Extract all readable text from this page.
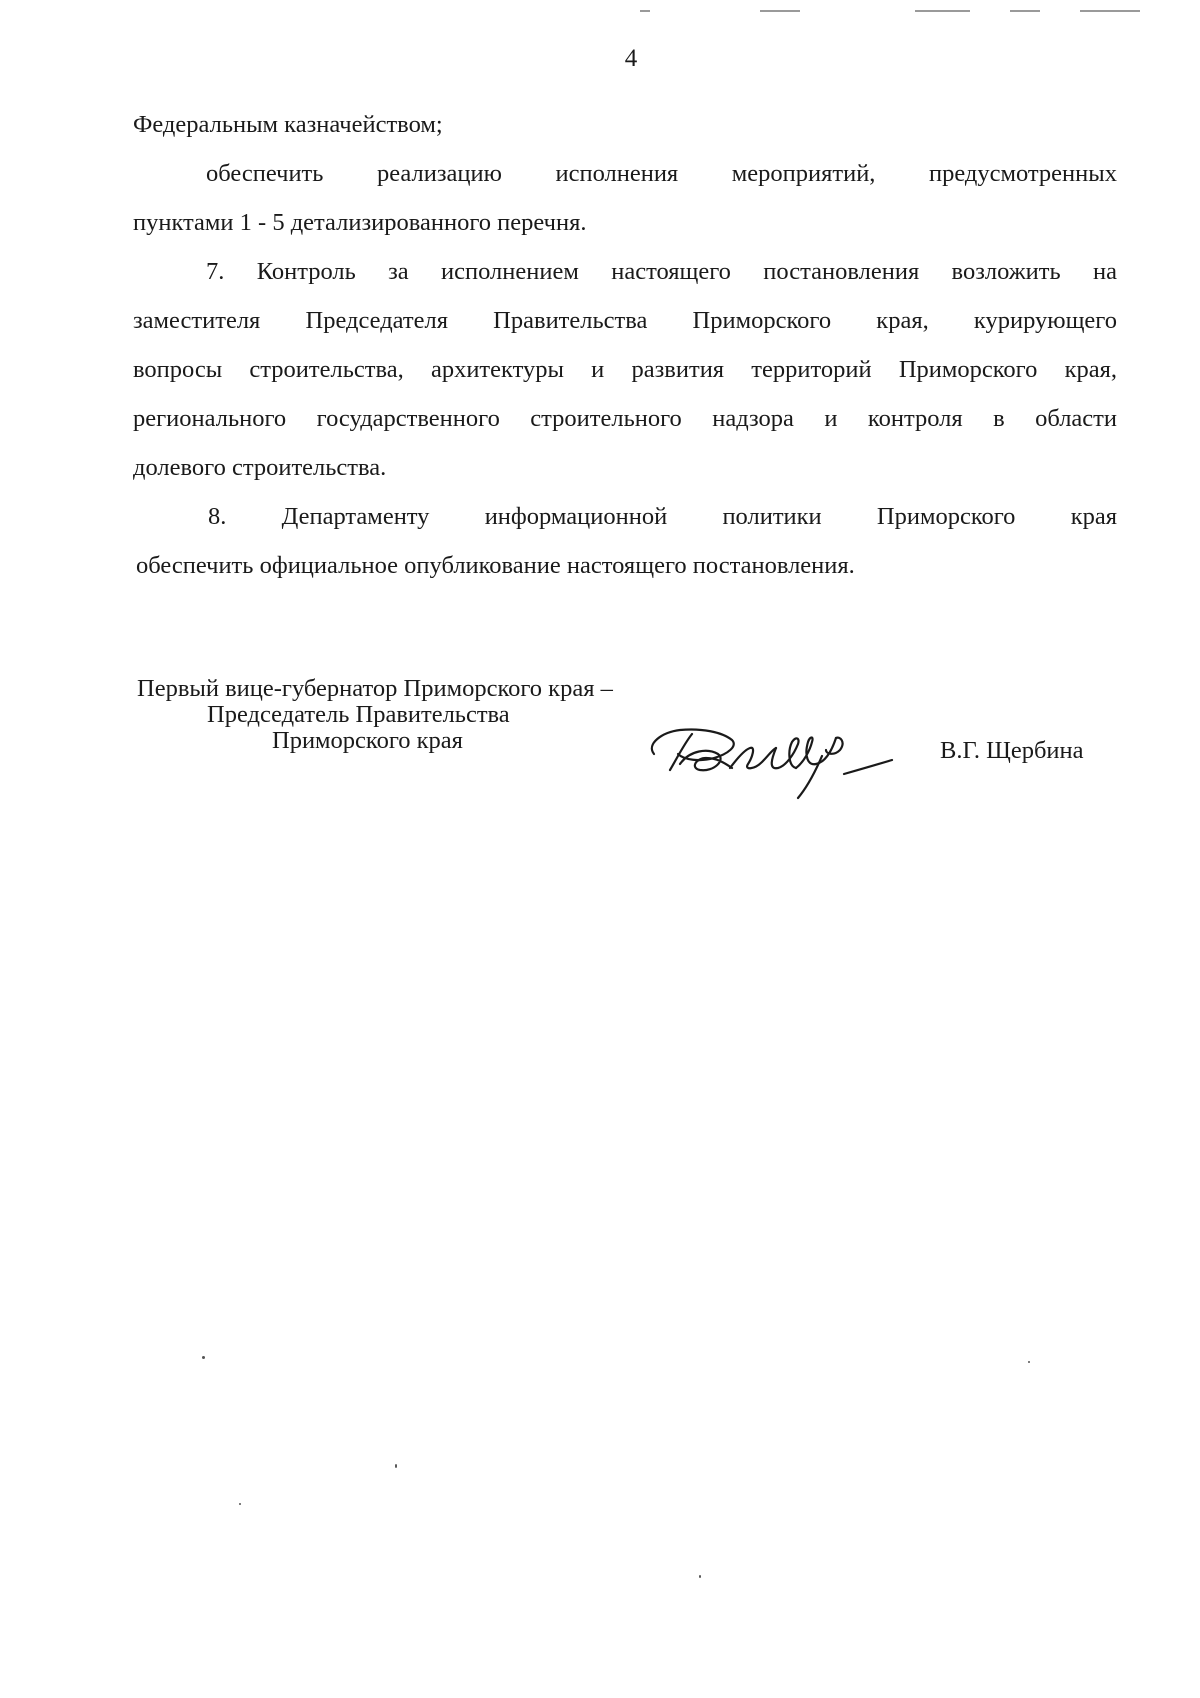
4
Федеральным казначейством;
обеспечить реализацию исполнения мероприятий, предусмотренных
пунктами 1 - 5 детализированного перечня.
7. Контроль за исполнением настоящего постановления возложить на
заместителя Председателя Правительства Приморского края, курирующего
вопросы строительства, архитектуры и развития территорий Приморского края,
регионального государственного строительного надзора и контроля в области
долевого строительства.
8. Департаменту информационной политики Приморского края
обеспечить официальное опубликование настоящего постановления.
Первый вице-губернатор Приморского края –
Председатель Правительства
Приморского края	В.Г. Щербина
